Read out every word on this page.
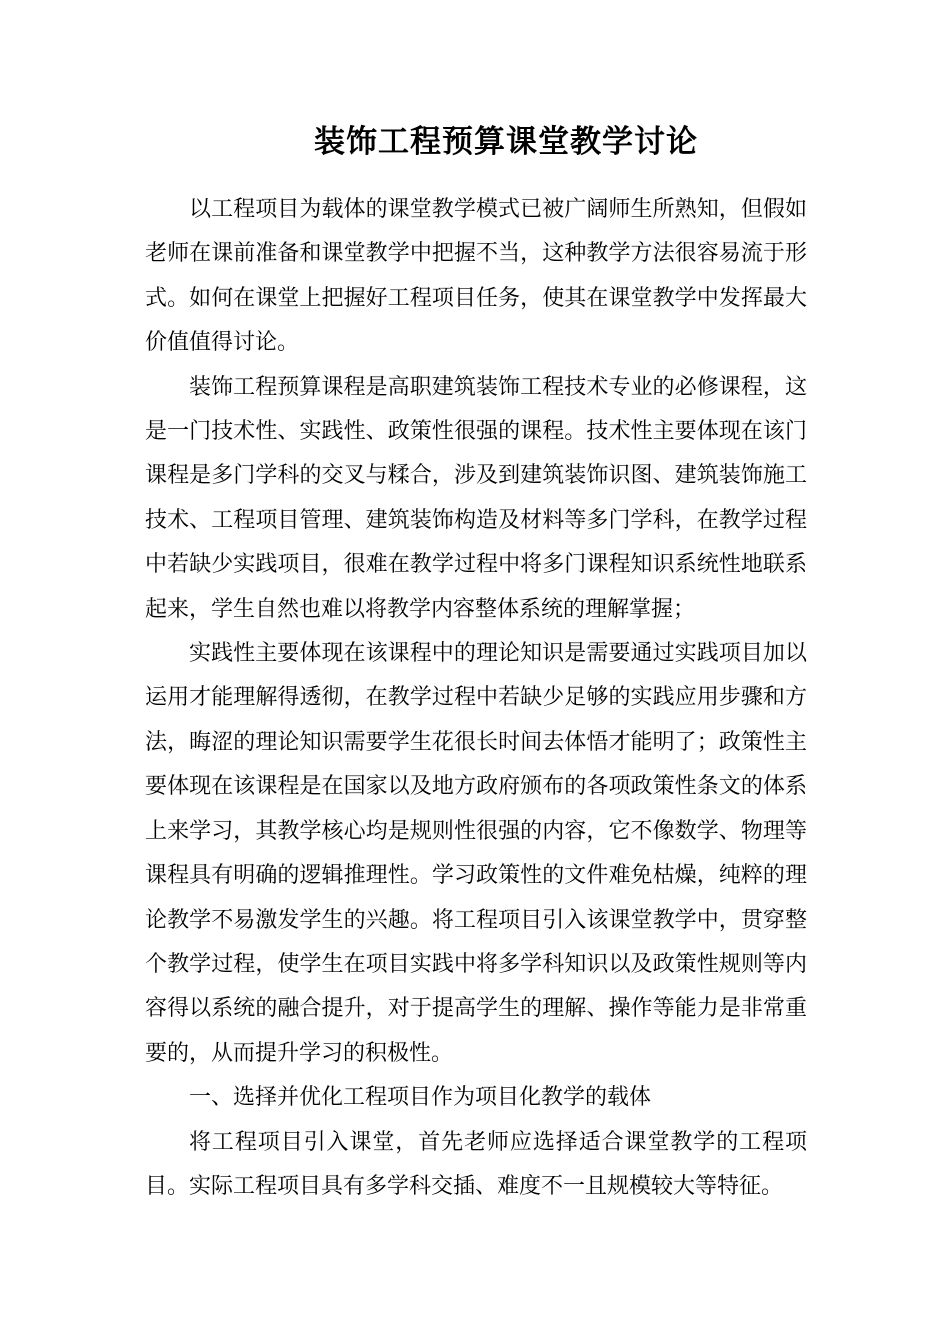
装饰工程预算课堂教学讨论

以工程项目为载体的课堂教学模式已被广阔师生所熟知，但假如老师在课前准备和课堂教学中把握不当，这种教学方法很容易流于形式。如何在课堂上把握好工程项目任务，使其在课堂教学中发挥最大价值值得讨论。

装饰工程预算课程是高职建筑装饰工程技术专业的必修课程，这是一门技术性、实践性、政策性很强的课程。技术性主要体现在该门课程是多门学科的交叉与糅合，涉及到建筑装饰识图、建筑装饰施工技术、工程项目管理、建筑装饰构造及材料等多门学科，在教学过程中若缺少实践项目，很难在教学过程中将多门课程知识系统性地联系起来，学生自然也难以将教学内容整体系统的理解掌握；

实践性主要体现在该课程中的理论知识是需要通过实践项目加以运用才能理解得透彻，在教学过程中若缺少足够的实践应用步骤和方法，晦涩的理论知识需要学生花很长时间去体悟才能明了；政策性主要体现在该课程是在国家以及地方政府颁布的各项政策性条文的体系上来学习，其教学核心均是规则性很强的内容，它不像数学、物理等课程具有明确的逻辑推理性。学习政策性的文件难免枯燥，纯粹的理论教学不易激发学生的兴趣。将工程项目引入该课堂教学中，贯穿整个教学过程，使学生在项目实践中将多学科知识以及政策性规则等内容得以系统的融合提升，对于提高学生的理解、操作等能力是非常重要的，从而提升学习的积极性。

一、选择并优化工程项目作为项目化教学的载体

将工程项目引入课堂，首先老师应选择适合课堂教学的工程项目。实际工程项目具有多学科交插、难度不一且规模较大等特征。
